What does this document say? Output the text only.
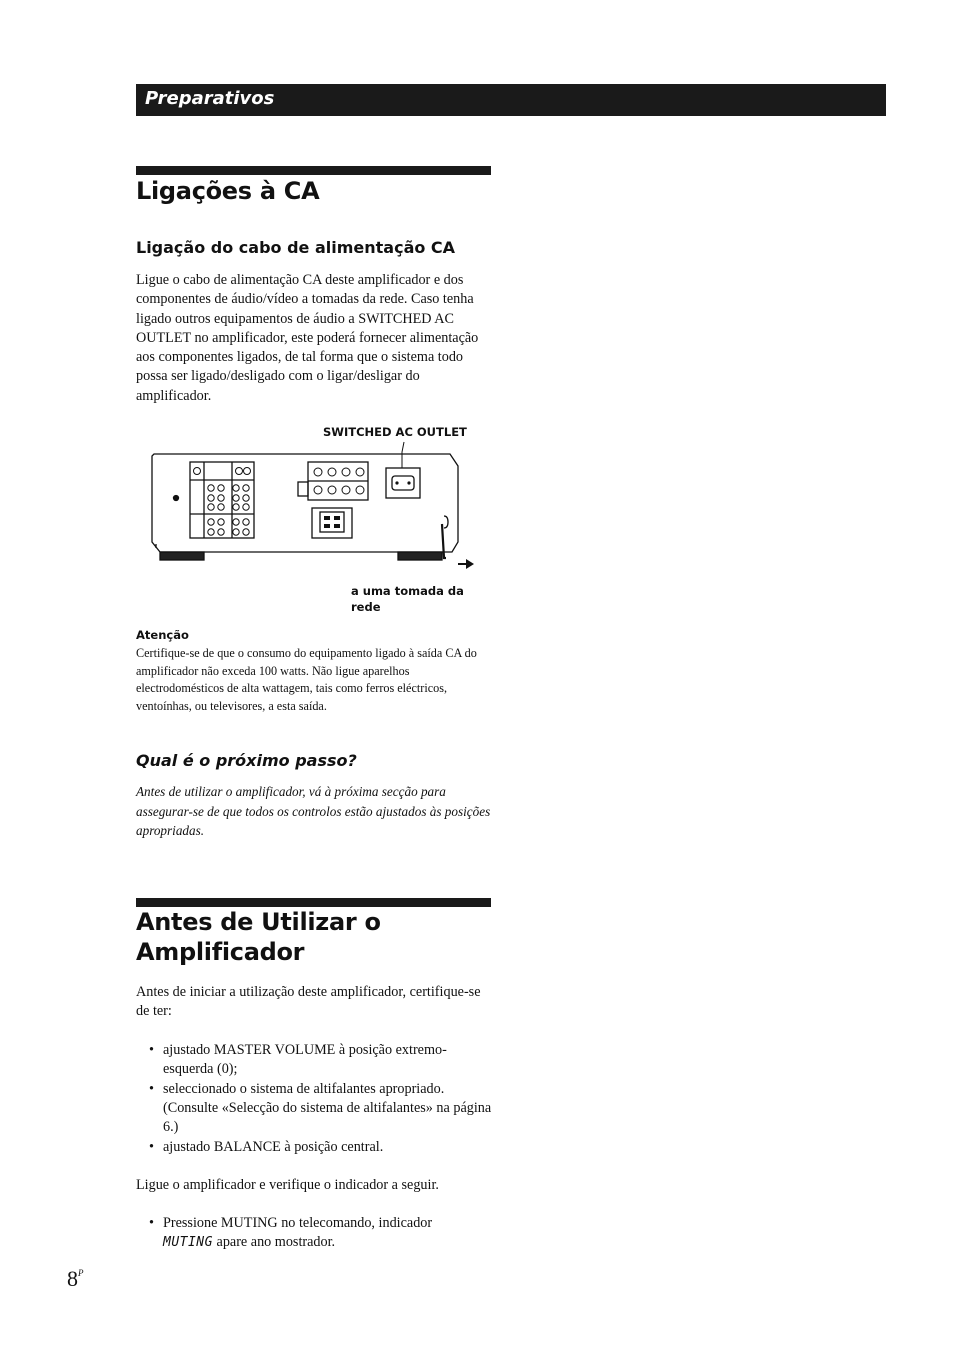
Preparativos
Ligações à CA
Ligação do cabo de alimentação CA
Ligue o cabo de alimentação CA deste amplificador e dos componentes de áudio/vídeo a tomadas da rede. Caso tenha ligado outros equipamentos de áudio a SWITCHED AC OUTLET no amplificador, este poderá fornecer alimentação aos componentes ligados, de tal forma que o sistema todo possa ser ligado/desligado com o ligar/desligar do amplificador.
SWITCHED AC OUTLET
a uma tomada da rede
Atenção
Certifique-se de que o consumo do equipamento ligado à saída CA do amplificador não exceda 100 watts. Não ligue aparelhos electrodomésticos de alta wattagem, tais como ferros eléctricos, ventoínhas, ou televisores, a esta saída.
Qual é o próximo passo?
Antes de utilizar o amplificador, vá à próxima secção para assegurar-se de que todos os controlos estão ajustados às posições apropriadas.
Antes de Utilizar o
Amplificador
Antes de iniciar a utilização deste amplificador, certifique-se de ter:
• ajustado MASTER VOLUME à posição extremo-esquerda (0);
• seleccionado o sistema de altifalantes apropriado. (Consulte «Selecção do sistema de altifalantes» na página 6.)
• ajustado BALANCE à posição central.
Ligue o amplificador e verifique o indicador a seguir.
• Pressione MUTING no telecomando, indicador
MUTING apare ano mostrador.
$8^P$
